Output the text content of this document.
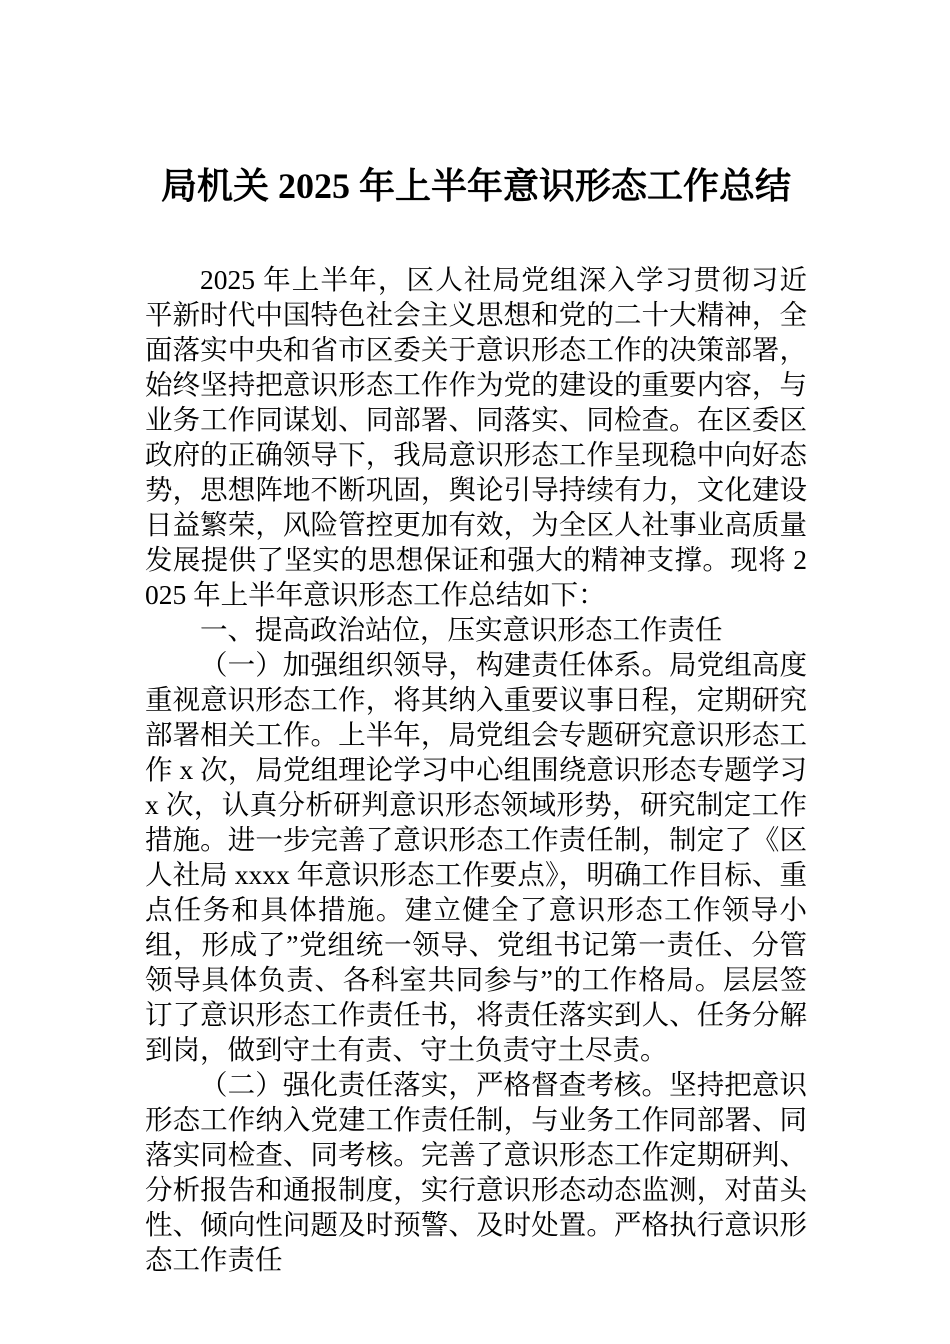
局机关 2025 年上半年意识形态工作总结

2025 年上半年，区人社局党组深入学习贯彻习近平新时代中国特色社会主义思想和党的二十大精神，全面落实中央和省市区委关于意识形态工作的决策部署，始终坚持把意识形态工作作为党的建设的重要内容，与业务工作同谋划、同部署、同落实、同检查。在区委区政府的正确领导下，我局意识形态工作呈现稳中向好态势，思想阵地不断巩固，舆论引导持续有力，文化建设日益繁荣，风险管控更加有效，为全区人社事业高质量发展提供了坚实的思想保证和强大的精神支撑。现将 2025 年上半年意识形态工作总结如下：

一、提高政治站位，压实意识形态工作责任

（一）加强组织领导，构建责任体系。局党组高度重视意识形态工作，将其纳入重要议事日程，定期研究部署相关工作。上半年，局党组会专题研究意识形态工作 x 次，局党组理论学习中心组围绕意识形态专题学习 x 次，认真分析研判意识形态领域形势，研究制定工作措施。进一步完善了意识形态工作责任制，制定了《区人社局 xxxx 年意识形态工作要点》，明确工作目标、重点任务和具体措施。建立健全了意识形态工作领导小组，形成了”党组统一领导、党组书记第一责任、分管领导具体负责、各科室共同参与”的工作格局。层层签订了意识形态工作责任书，将责任落实到人、任务分解到岗，做到守土有责、守土负责守土尽责。

（二）强化责任落实，严格督查考核。坚持把意识形态工作纳入党建工作责任制，与业务工作同部署、同落实同检查、同考核。完善了意识形态工作定期研判、分析报告和通报制度，实行意识形态动态监测，对苗头性、倾向性问题及时预警、及时处置。严格执行意识形态工作责任
